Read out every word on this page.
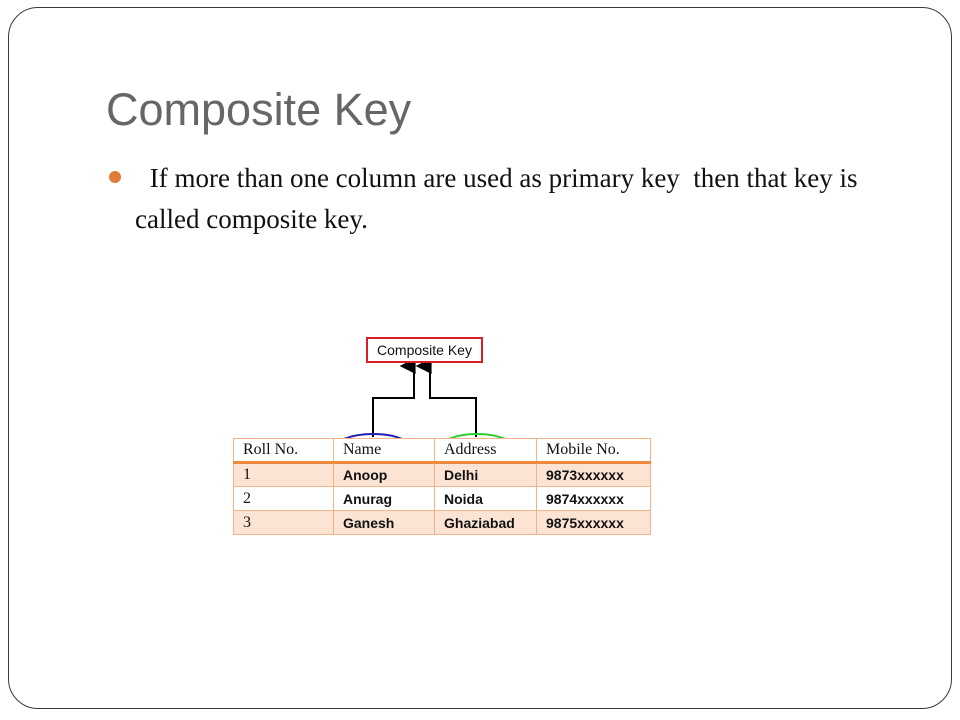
Composite Key

If more than one column are used as primary key  then that key is called composite key.

Composite Key
Roll No.	Name	Address	Mobile No.
1	Anoop	Delhi	9873xxxxxx
2	Anurag	Noida	9874xxxxxx
3	Ganesh	Ghaziabad	9875xxxxxx
